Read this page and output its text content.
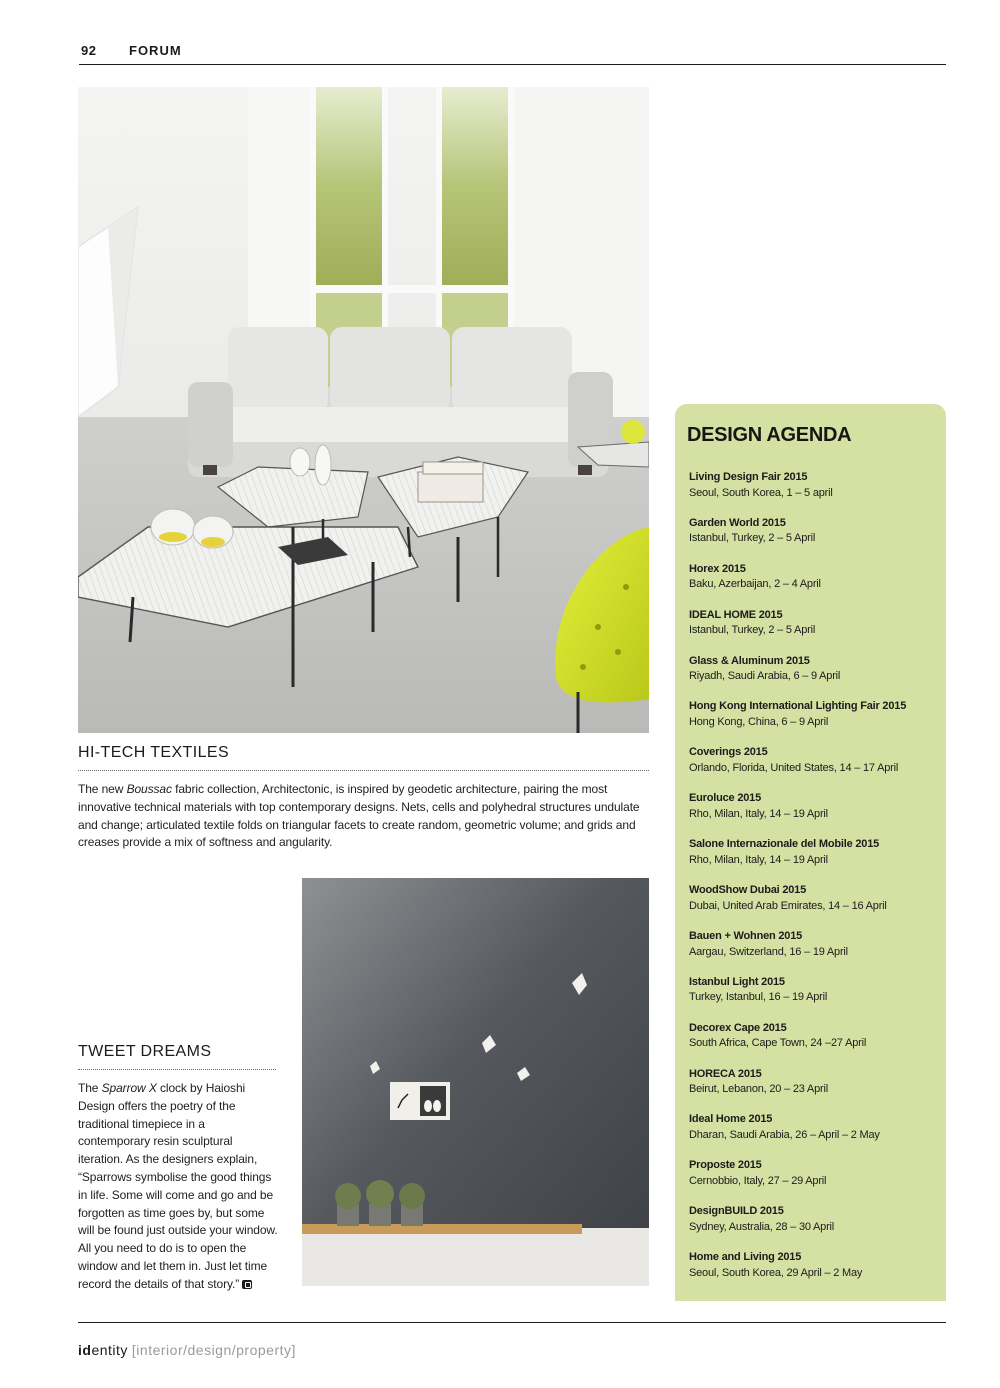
92	FORUM
HI-TECH TEXTILES

The new Boussac fabric collection, Architectonic, is inspired by geodetic architecture, pairing the most innovative technical materials with top contemporary designs. Nets, cells and polyhedral structures undulate and change; articulated textile folds on triangular facets to create random, geometric volume; and grids and creases provide a mix of softness and angularity.

TWEET DREAMS

The Sparrow X clock by Haioshi Design offers the poetry of the traditional timepiece in a contemporary resin sculptural iteration. As the designers explain, “Sparrows symbolise the good things in life. Some will come and go and be forgotten as time goes by, but some will be found just outside your window. All you need to do is to open the window and let them in. Just let time record the details of that story.”

DESIGN AGENDA
Living Design Fair 2015
Seoul, South Korea, 1 – 5 april
Garden World 2015
Istanbul, Turkey, 2 – 5 April
Horex 2015
Baku, Azerbaijan, 2 – 4 April
IDEAL HOME 2015
Istanbul, Turkey, 2 – 5 April
Glass & Aluminum 2015
Riyadh, Saudi Arabia, 6 – 9 April
Hong Kong International Lighting Fair 2015
Hong Kong, China, 6 – 9 April
Coverings 2015
Orlando, Florida, United States, 14 – 17 April
Euroluce 2015
Rho, Milan, Italy, 14 – 19 April
Salone Internazionale del Mobile 2015
Rho, Milan, Italy, 14 – 19 April
WoodShow Dubai 2015
Dubai, United Arab Emirates, 14 – 16 April
Bauen + Wohnen 2015
Aargau, Switzerland, 16 – 19 April
Istanbul Light 2015
Turkey, Istanbul, 16 – 19 April
Decorex Cape 2015
South Africa, Cape Town, 24 –27 April
HORECA 2015
Beirut, Lebanon, 20 – 23 April
Ideal Home 2015
Dharan, Saudi Arabia, 26 – April – 2 May
Proposte 2015
Cernobbio, Italy, 27 – 29 April
DesignBUILD 2015
Sydney, Australia, 28 – 30 April
Home and Living 2015
Seoul, South Korea, 29 April – 2 May
identity [interior/design/property]
